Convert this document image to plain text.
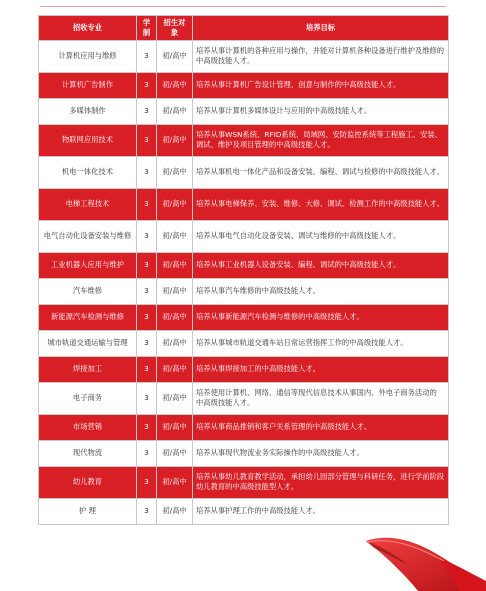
招收专业	学制	招生对象	培养目标
计算机应用与维修	3	初/高中	培养从事计算机的各种应用与操作，并能对计算机各种设备进行维护及维修的中高级技能人才。
计算机广告制作	3	初/高中	培养从事计算机广告设计管理、创意与制作的中高级技能人才。
多媒体制作	3	初/高中	培养从事计算机多媒体设计与应用的中高级技能人才。
物联网应用技术	3	初/高中	培养从事WSN系统、RFID系统、局域网、安防监控系统等工程施工、安装、调试、维护及项目管理的中高级技能人才。
机电一体化技术	3	初/高中	培养从事机电一体化产品和设备安装、编程、调试与检修的中高级技能人才。
电梯工程技术	3	初/高中	培养从事电梯保养、安装、维修、大修、调试、检测工作的中高级技能人才。
电气自动化设备安装与维修	3	初/高中	培养从事电气自动化设备安装、调试与维修的中高级技能人才。
工业机器人应用与维护	3	初/高中	培养从事工业机器人设备安装、编程、调试的中高级技能人才。
汽车维修	3	初/高中	培养从事汽车维修的中高级技能人才。
新能源汽车检测与维修	3	初/高中	培养从事新能源汽车检测与维修的中高级技能人才。
城市轨道交通运输与管理	3	初/高中	培养从事城市轨道交通车站日常运营指挥工作的中高级技能人才。
焊接加工	3	初/高中	培养从事焊接加工的中高级技能人才。
电子商务	3	初/高中	培养使用计算机、网络、通信等现代信息技术从事国内、外电子商务活动的 中高级技能人才。
市场营销	3	初/高中	培养从事商品推销和客户关系管理的中高级技能人才。
现代物流	3	初/高中	培养从事现代物流业务实际操作的中高级技能人才。
幼儿教育	3	初/高中	培养从事幼儿教育教学活动，承担幼儿园部分管理与科研任务，进行学前阶段 幼儿教育的中高级技能型人才。
护 理	3	初/高中	培养从事护理工作的中高级技能人才。
